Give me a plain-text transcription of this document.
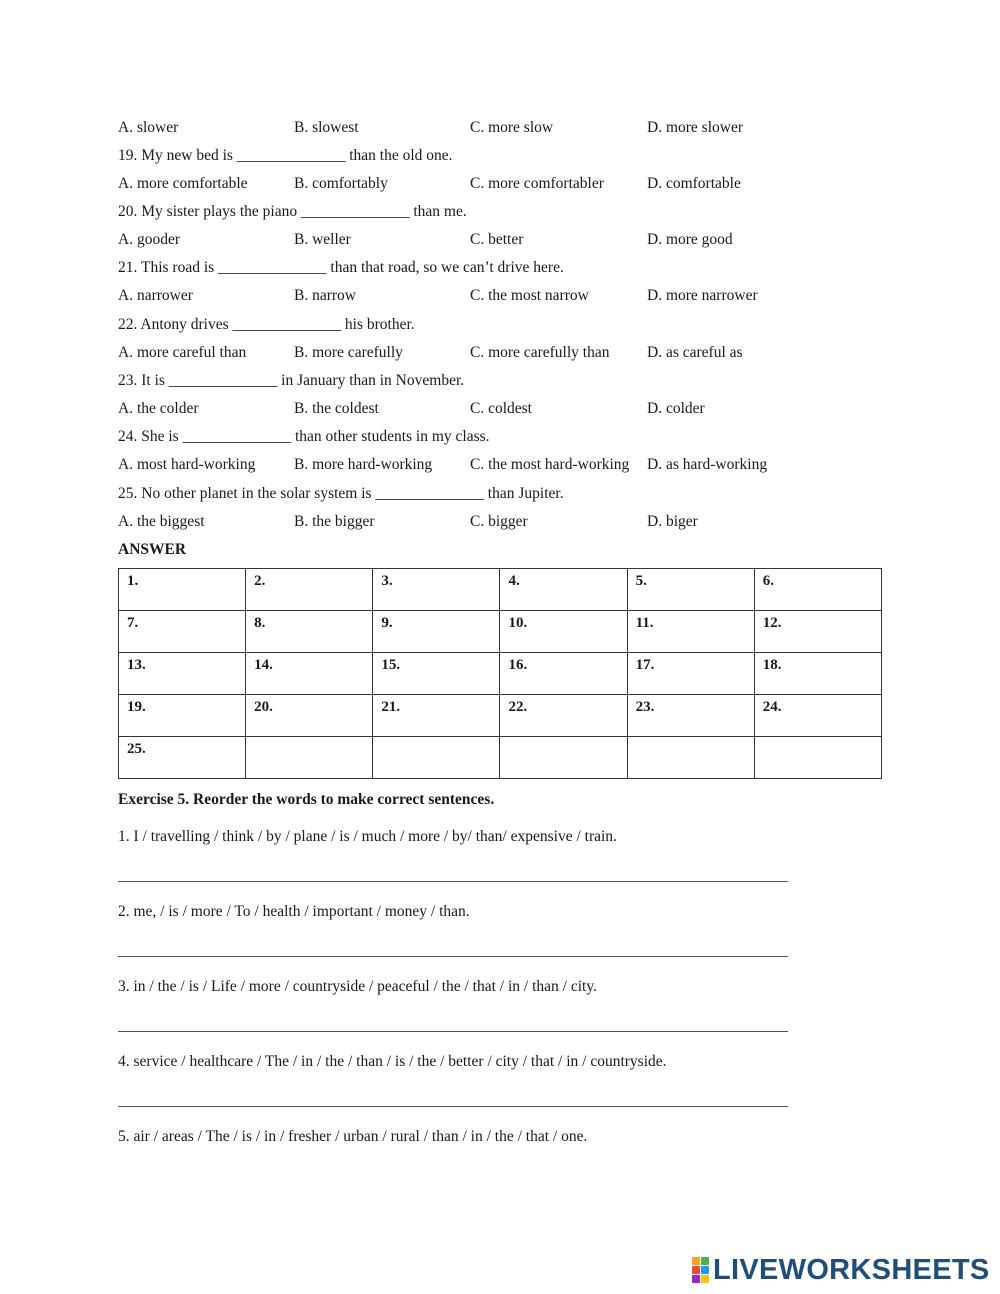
A. slower	B. slowest	C. more slow	D. more slower
19. My new bed is ______________ than the old one.
A. more comfortable	B. comfortably	C. more comfortabler	D. comfortable
20. My sister plays the piano ______________ than me.
A. gooder	B. weller	C. better	D. more good
21. This road is ______________ than that road, so we can’t drive here.
A. narrower	B. narrow	C. the most narrow	D. more narrower
22. Antony drives ______________ his brother.
A. more careful than	B. more carefully	C. more carefully than D. as careful as
23. It is ______________ in January than in November.
A. the colder	B. the coldest	C. coldest	D. colder
24. She is ______________ than other students in my class.
A. most hard-working B. more hard-working C. the most hard-working D. as hard-working
25. No other planet in the solar system is ______________ than Jupiter.
A. the biggest	B. the bigger	C. bigger	D. biger
ANSWER
1.	2.	3.	4.	5.	6.
7.	8.	9.	10.	11.	12.
13.	14.	15.	16.	17.	18.
19.	20.	21.	22.	23.	24.
25.					
Exercise 5. Reorder the words to make correct sentences.
1. I / travelling / think / by / plane / is / much / more / by/ than/ expensive / train.
2. me, / is / more / To / health / important / money / than.
3. in / the / is / Life / more / countryside / peaceful / the / that / in / than / city.
4. service / healthcare / The / in / the / than / is / the / better / city / that / in / countryside.
5. air / areas / The / is / in / fresher / urban / rural / than / in / the / that / one.
LIVEWORKSHEETS
